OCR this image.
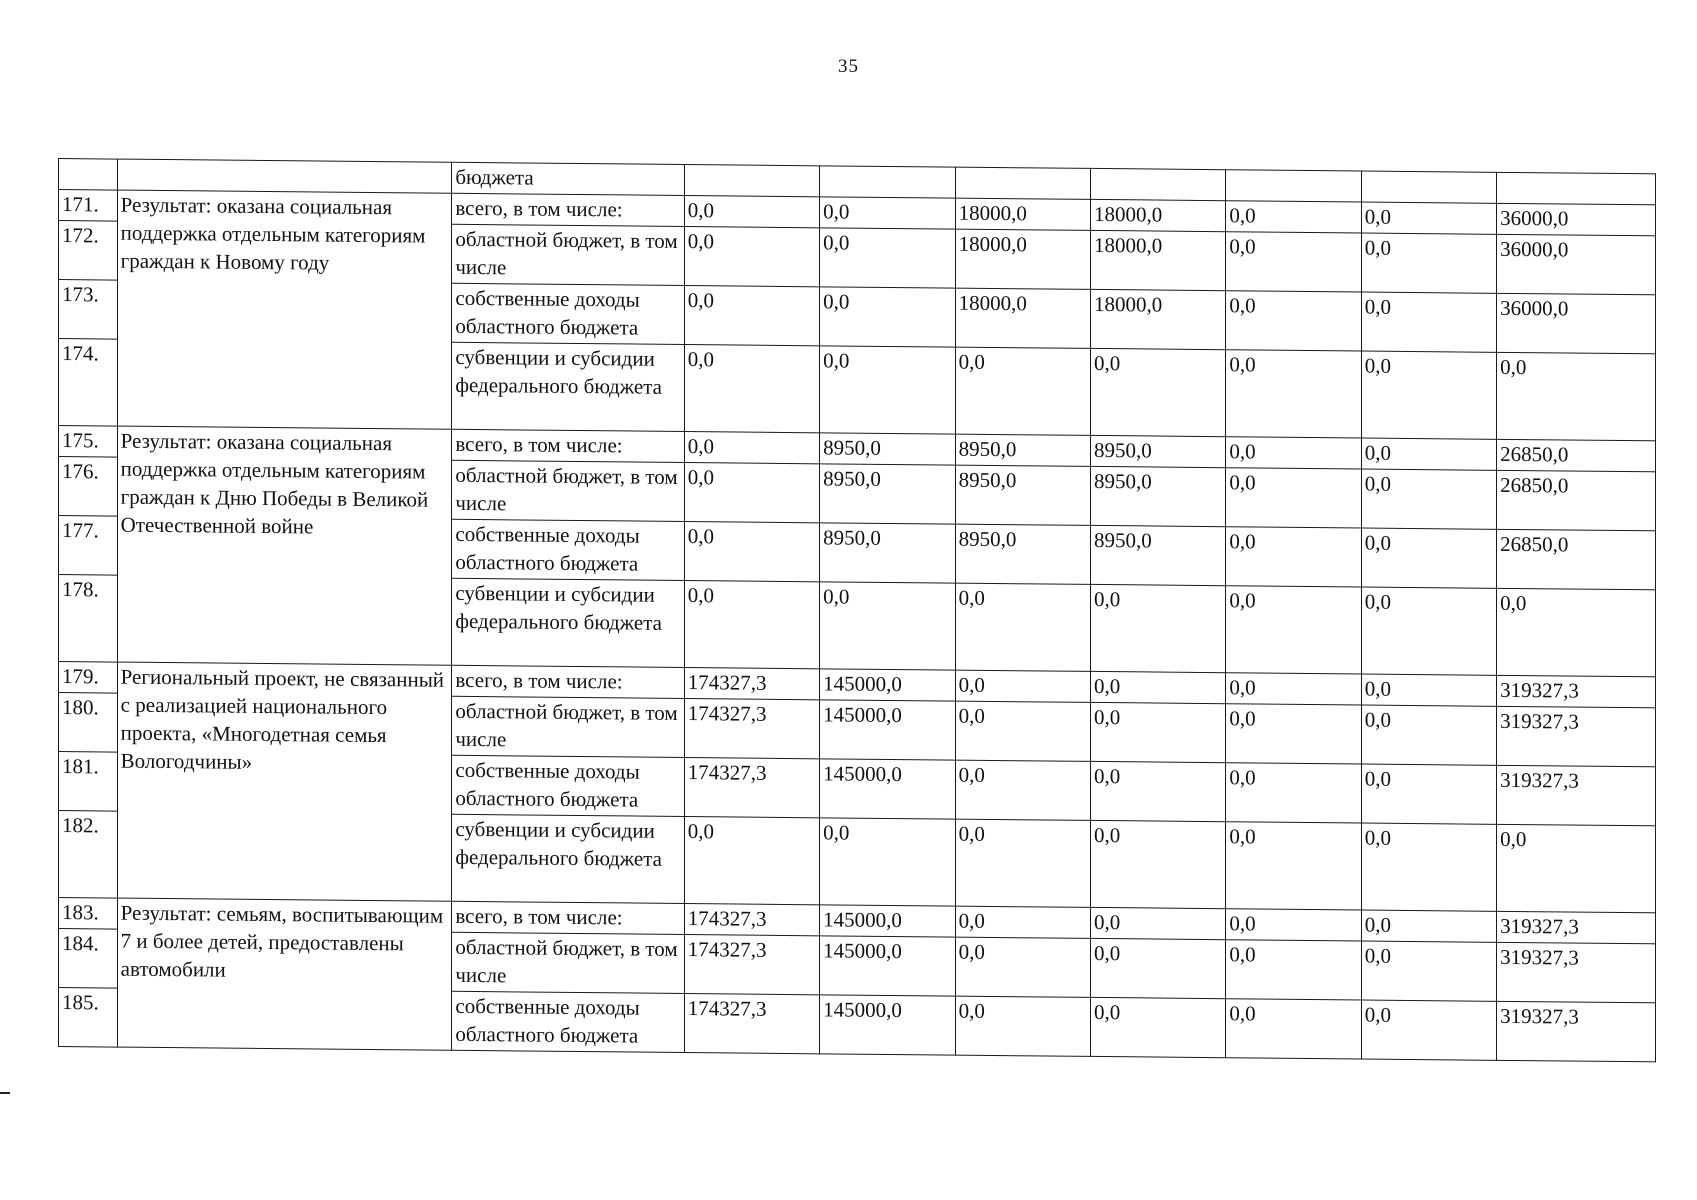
35
		бюджета							
171.	Результат: оказана социальная поддержка отдельным категориям граждан к Новому году	всего, в том числе:	0,0	0,0	18000,0	18000,0	0,0	0,0	36000,0
172.		областной бюджет, в том числе	0,0	0,0	18000,0	18000,0	0,0	0,0	36000,0
173.		собственные доходы областного бюджета	0,0	0,0	18000,0	18000,0	0,0	0,0	36000,0
174.		субвенции и субсидии федерального бюджета	0,0	0,0	0,0	0,0	0,0	0,0	0,0
175.	Результат: оказана социальная поддержка отдельным категориям граждан к Дню Победы в Великой Отечественной войне	всего, в том числе:	0,0	8950,0	8950,0	8950,0	0,0	0,0	26850,0
176.		областной бюджет, в том числе	0,0	8950,0	8950,0	8950,0	0,0	0,0	26850,0
177.		собственные доходы областного бюджета	0,0	8950,0	8950,0	8950,0	0,0	0,0	26850,0
178.		субвенции и субсидии федерального бюджета	0,0	0,0	0,0	0,0	0,0	0,0	0,0
179.	Региональный проект, не связанный с реализацией национального проекта, «Многодетная семья Вологодчины»	всего, в том числе:	174327,3	145000,0	0,0	0,0	0,0	0,0	319327,3
180.		областной бюджет, в том числе	174327,3	145000,0	0,0	0,0	0,0	0,0	319327,3
181.		собственные доходы областного бюджета	174327,3	145000,0	0,0	0,0	0,0	0,0	319327,3
182.		субвенции и субсидии федерального бюджета	0,0	0,0	0,0	0,0	0,0	0,0	0,0
183.	Результат: семьям, воспитывающим 7 и более детей, предоставлены автомобили	всего, в том числе:	174327,3	145000,0	0,0	0,0	0,0	0,0	319327,3
184.		областной бюджет, в том числе	174327,3	145000,0	0,0	0,0	0,0	0,0	319327,3
185.		собственные доходы областного бюджета	174327,3	145000,0	0,0	0,0	0,0	0,0	319327,3
